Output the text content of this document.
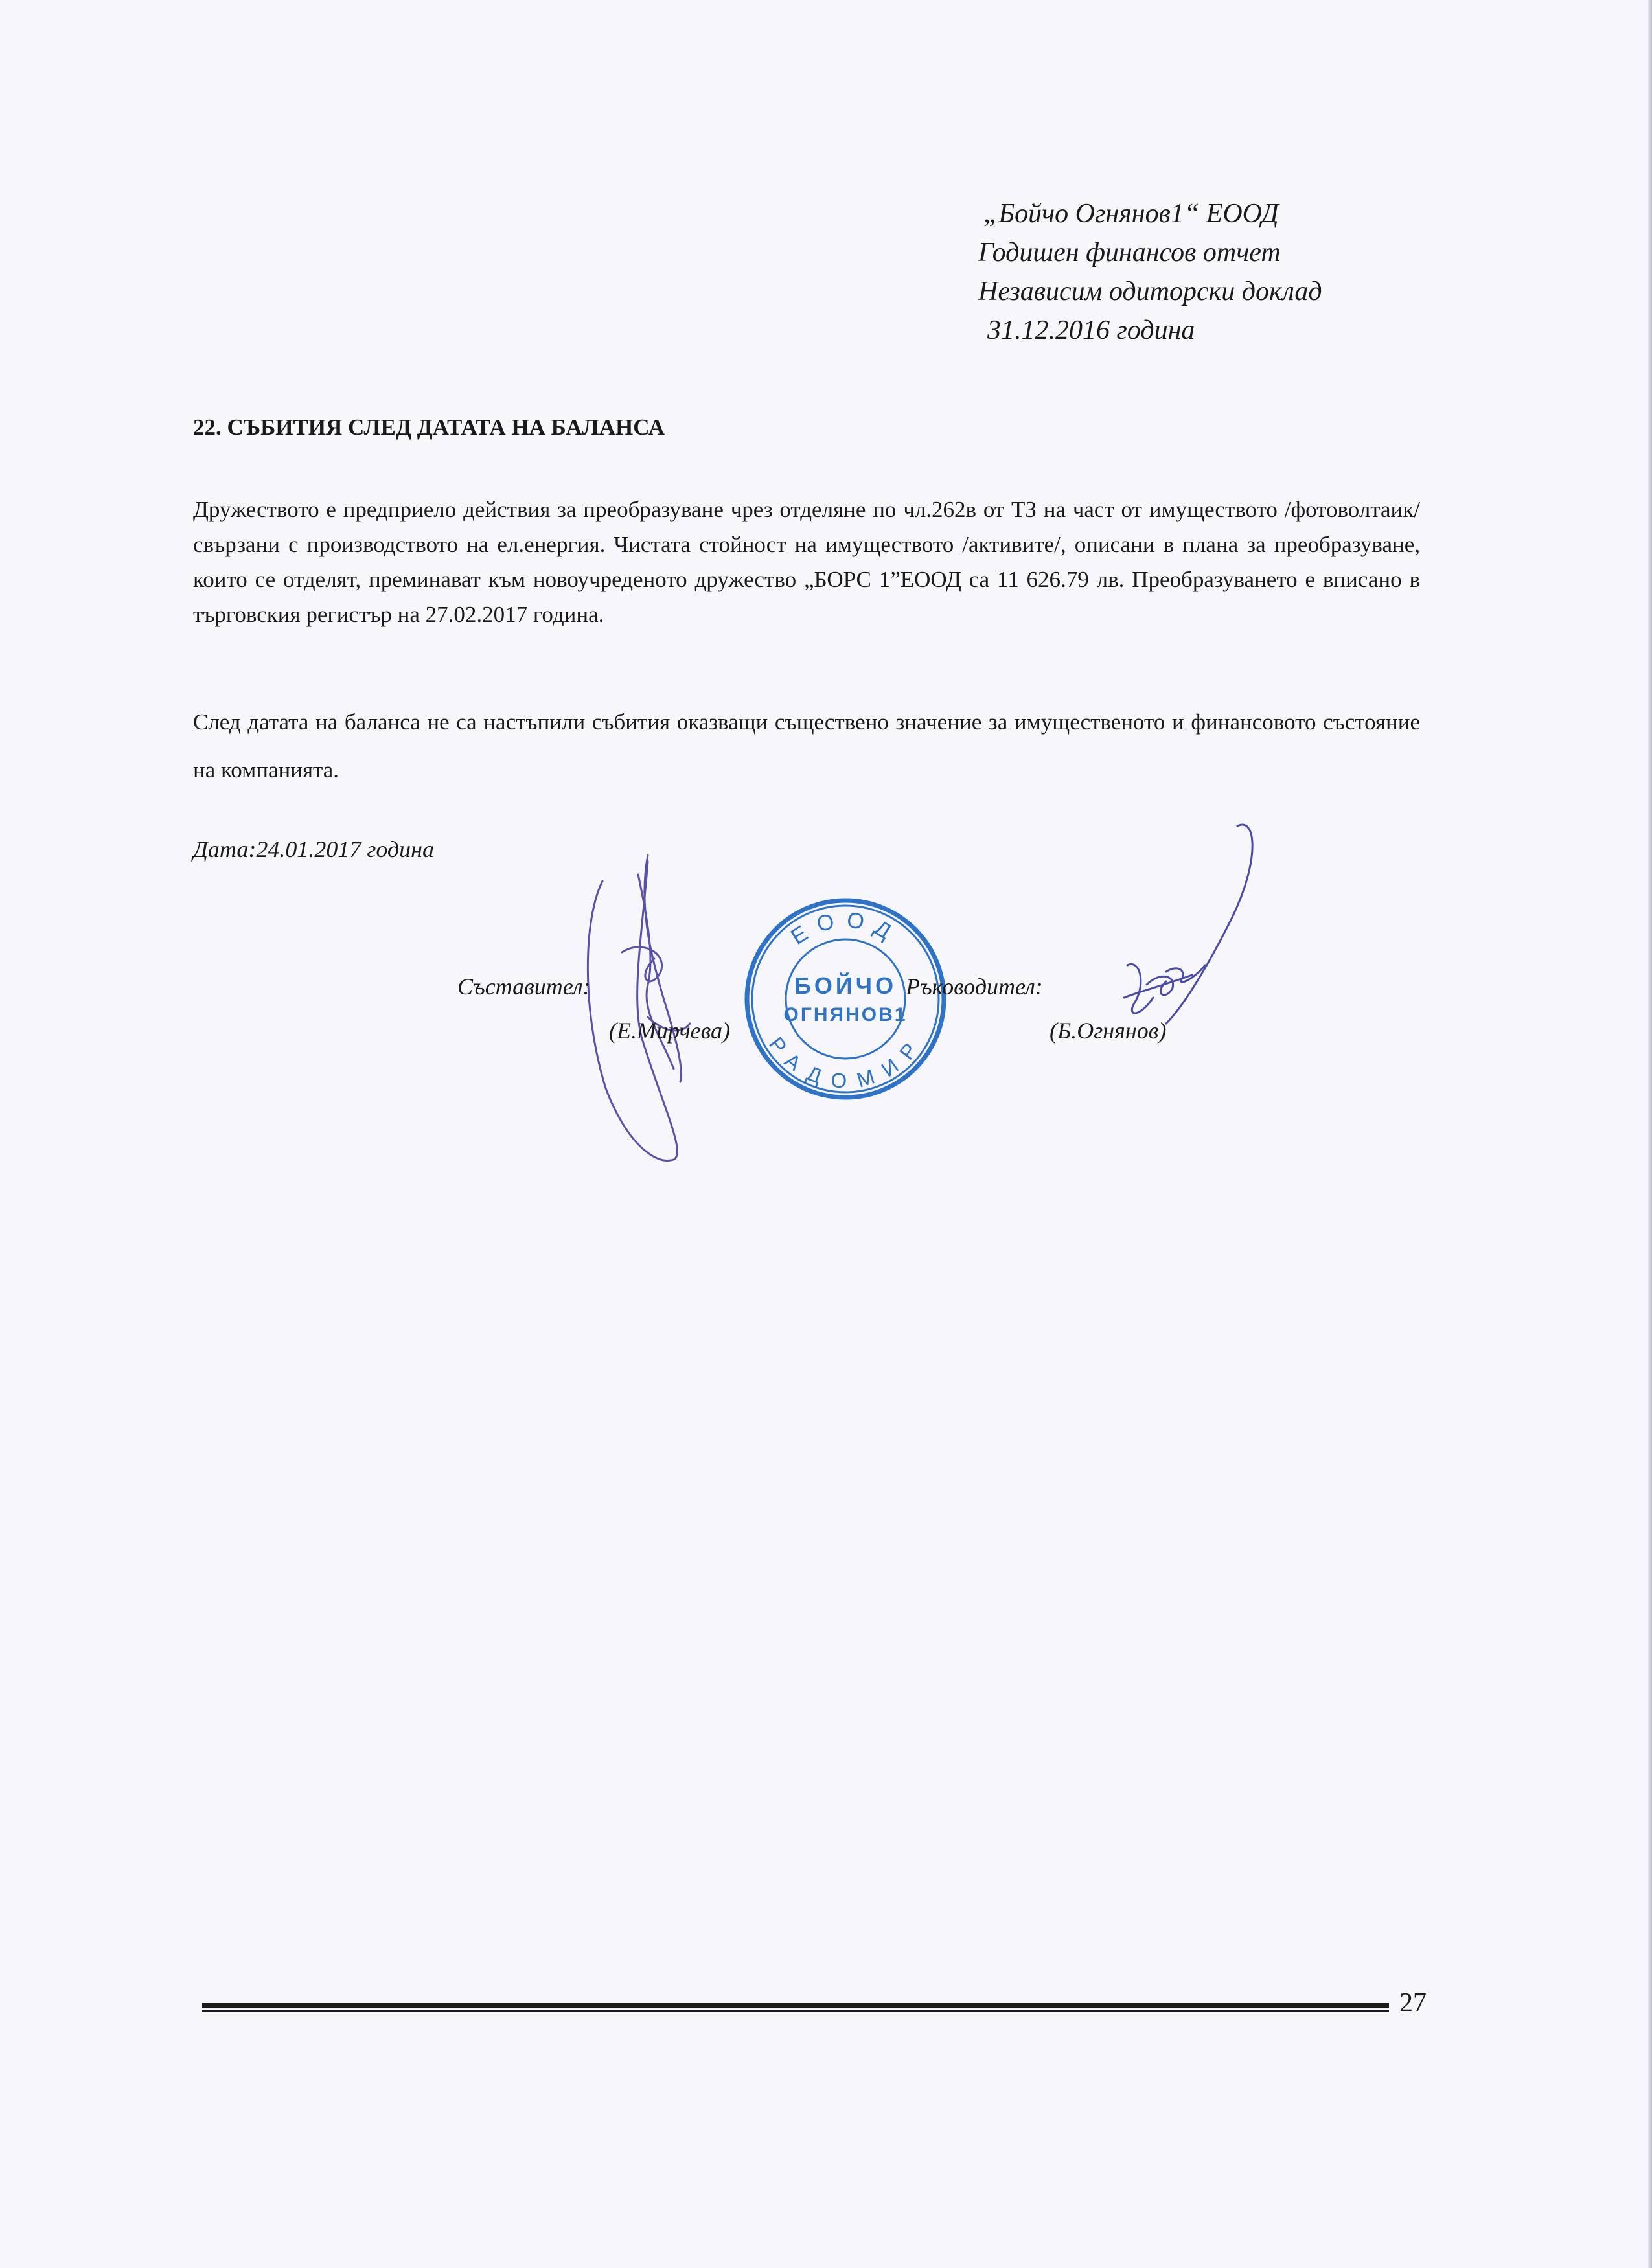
„Бойчо Огнянов1“ ЕООД
Годишен финансов отчет
Независим одиторски доклад
31.12.2016 година
22. СЪБИТИЯ СЛЕД ДАТАТА НА БАЛАНСА
Дружеството е предприело действия за преобразуване чрез отделяне по чл.262в от ТЗ на част от имуществото /фотоволтаик/ свързани с производството на ел.енергия. Чистата стойност на имуществото /активите/, описани в плана за преобразуване, които се отделят, преминават към новоучреденото дружество „БОРС 1”ЕООД са 11 626.79 лв. Преобразуването е вписано в търговския регистър на 27.02.2017 година.
След датата на баланса не са настъпили събития оказващи съществено значение за имущественото и финансовото състояние на компанията.
Дата:24.01.2017 година
ЕООД
РАДОМИР
БОЙЧО
ОГНЯНОВ1
Съставител:
(Е.Мирчева)
Ръководител:
(Б.Огнянов)
27
